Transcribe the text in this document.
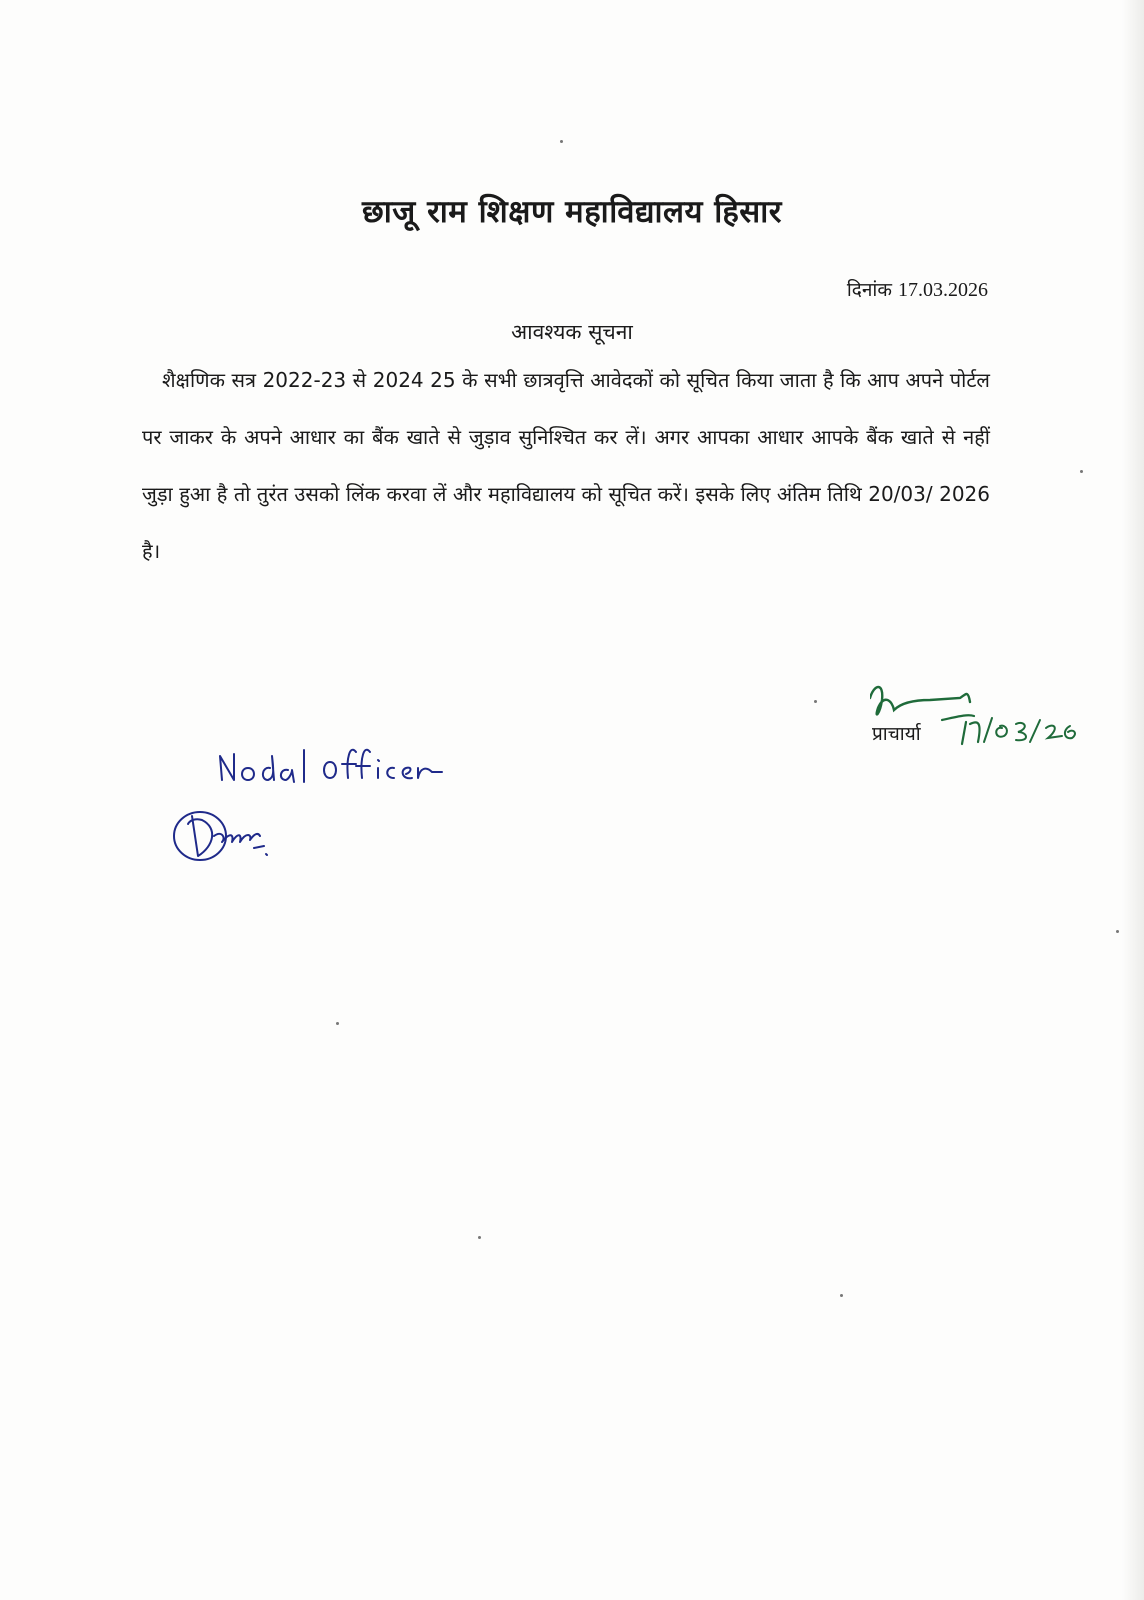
छाजू राम शिक्षण महाविद्यालय हिसार
दिनांक 17.03.2026
आवश्यक सूचना
शैक्षणिक सत्र 2022-23 से 2024 25 के सभी छात्रवृत्ति आवेदकों को सूचित किया जाता है कि आप अपने पोर्टल पर जाकर के अपने आधार का बैंक खाते से जुड़ाव सुनिश्चित कर लें। अगर आपका आधार आपके बैंक खाते से नहीं जुड़ा हुआ है तो तुरंत उसको लिंक करवा लें और महाविद्यालय को सूचित करें। इसके लिए अंतिम तिथि 20/03/ 2026 है।
प्राचार्या
